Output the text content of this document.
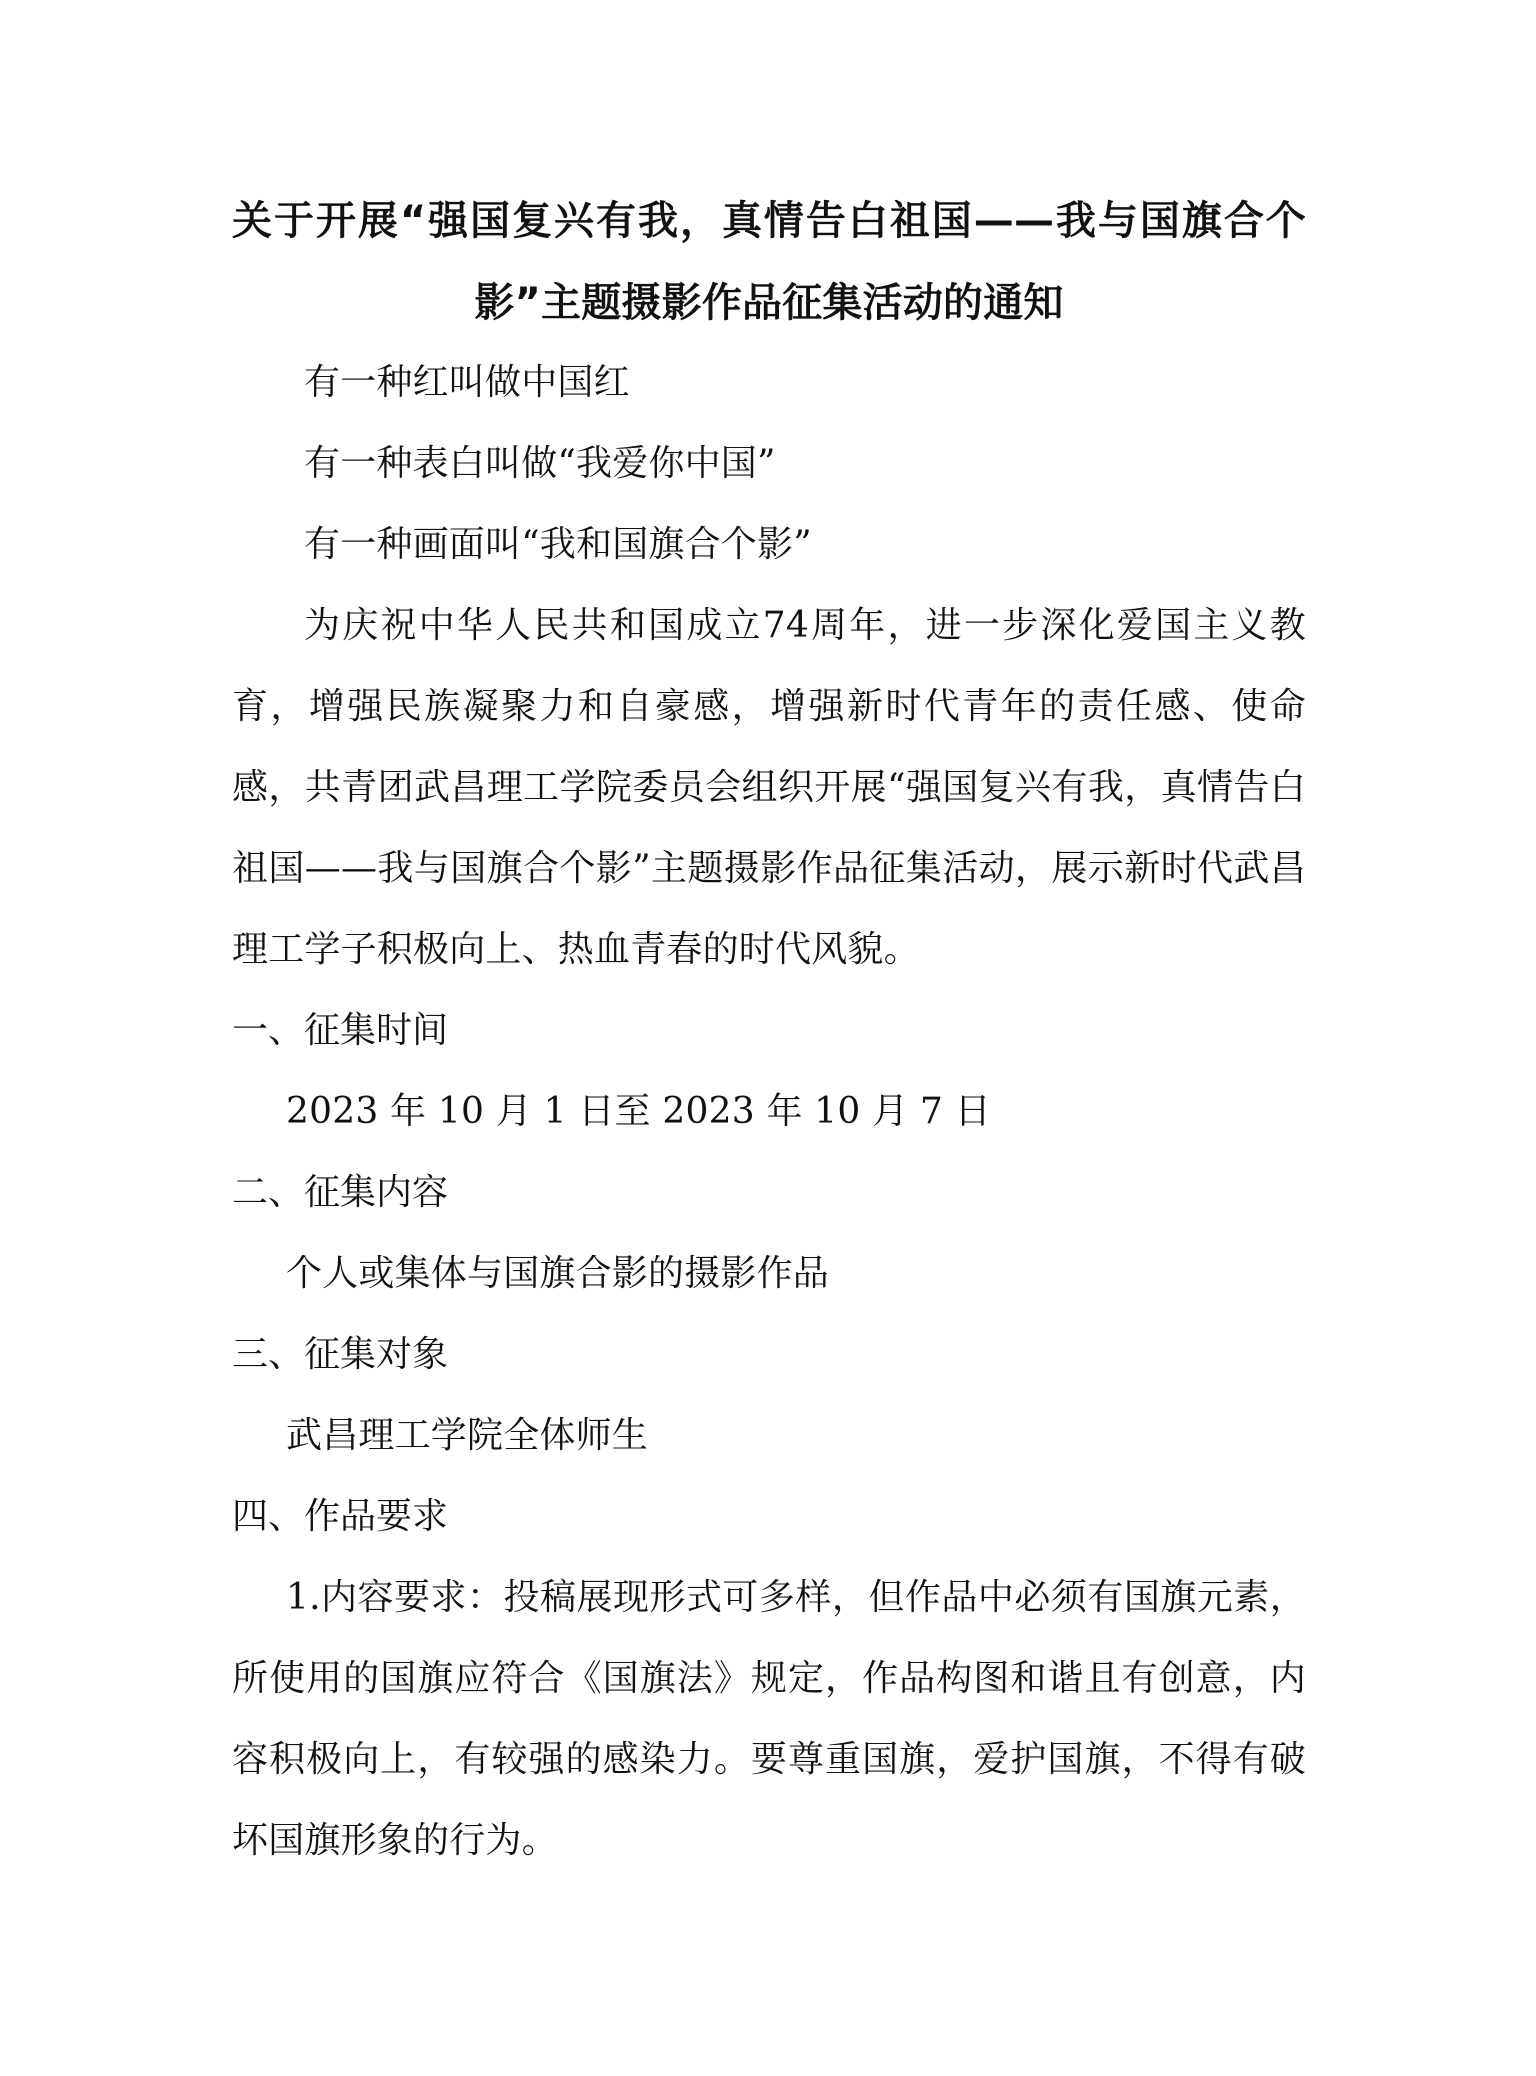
关于开展“强国复兴有我，真情告白祖国——我与国旗合个影”主题摄影作品征集活动的通知

有一种红叫做中国红

有一种表白叫做“我爱你中国”

有一种画面叫“我和国旗合个影”

为庆祝中华人民共和国成立74周年，进一步深化爱国主义教育，增强民族凝聚力和自豪感，增强新时代青年的责任感、使命感，共青团武昌理工学院委员会组织开展“强国复兴有我，真情告白祖国——我与国旗合个影”主题摄影作品征集活动，展示新时代武昌理工学子积极向上、热血青春的时代风貌。

一、征集时间

2023 年 10 月 1 日至 2023 年 10 月 7 日

二、征集内容

个人或集体与国旗合影的摄影作品

三、征集对象

武昌理工学院全体师生

四、作品要求

1.内容要求：投稿展现形式可多样，但作品中必须有国旗元素，所使用的国旗应符合《国旗法》规定，作品构图和谐且有创意，内容积极向上，有较强的感染力。要尊重国旗，爱护国旗，不得有破坏国旗形象的行为。
